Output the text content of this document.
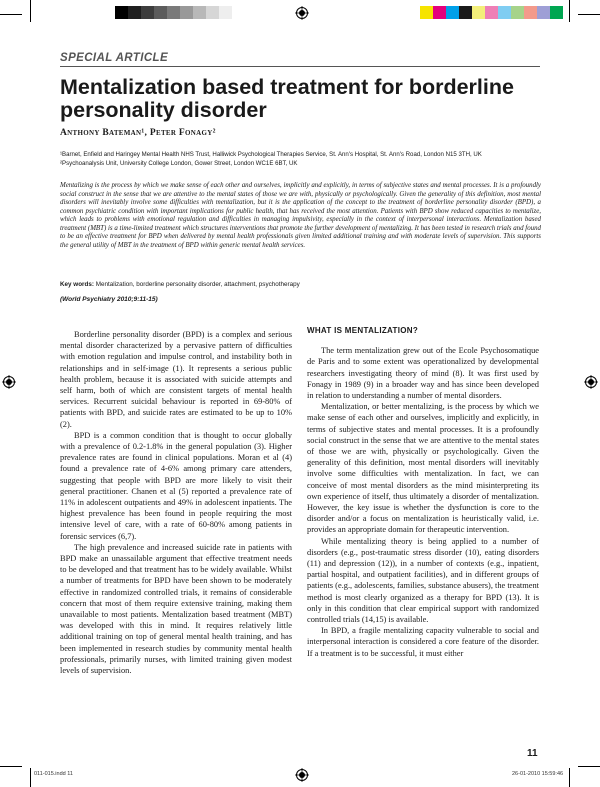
SPECIAL ARTICLE
Mentalization based treatment for borderline personality disorder
Anthony Bateman¹, Peter Fonagy²
¹Barnet, Enfield and Haringey Mental Health NHS Trust, Halliwick Psychological Therapies Service, St. Ann's Hospital, St. Ann's Road, London N15 3TH, UK
²Psychoanalysis Unit, University College London, Gower Street, London WC1E 6BT, UK
Mentalizing is the process by which we make sense of each other and ourselves, implicitly and explicitly, in terms of subjective states and mental processes. It is a profoundly social construct in the sense that we are attentive to the mental states of those we are with, physically or psychologically. Given the generality of this definition, most mental disorders will inevitably involve some difficulties with mentalization, but it is the application of the concept to the treatment of borderline personality disorder (BPD), a common psychiatric condition with important implications for public health, that has received the most attention. Patients with BPD show reduced capacities to mentalize, which leads to problems with emotional regulation and difficulties in managing impulsivity, especially in the context of interpersonal interactions. Mentalization based treatment (MBT) is a time-limited treatment which structures interventions that promote the further development of mentalizing. It has been tested in research trials and found to be an effective treatment for BPD when delivered by mental health professionals given limited additional training and with moderate levels of supervision. This supports the general utility of MBT in the treatment of BPD within generic mental health services.
Key words: Mentalization, borderline personality disorder, attachment, psychotherapy
(World Psychiatry 2010;9:11-15)

Borderline personality disorder (BPD) is a complex and serious mental disorder characterized by a pervasive pattern of difficulties with emotion regulation and impulse control, and instability both in relationships and in self-image (1). It represents a serious public health problem, because it is associated with suicide attempts and self harm, both of which are consistent targets of mental health services. Recurrent suicidal behaviour is reported in 69-80% of patients with BPD, and suicide rates are estimated to be up to 10% (2).

BPD is a common condition that is thought to occur globally with a prevalence of 0.2-1.8% in the general population (3). Higher prevalence rates are found in clinical populations. Moran et al (4) found a prevalence rate of 4-6% among primary care attenders, suggesting that people with BPD are more likely to visit their general practitioner. Chanen et al (5) reported a prevalence rate of 11% in adolescent outpatients and 49% in adolescent inpatients. The highest prevalence has been found in people requiring the most intensive level of care, with a rate of 60-80% among patients in forensic services (6,7).

The high prevalence and increased suicide rate in patients with BPD make an unassailable argument that effective treatment needs to be developed and that treatment has to be widely available. Whilst a number of treatments for BPD have been shown to be moderately effective in randomized controlled trials, it remains of considerable concern that most of them require extensive training, making them unavailable to most patients. Mentalization based treatment (MBT) was developed with this in mind. It requires relatively little additional training on top of general mental health training, and has been implemented in research studies by community mental health professionals, primarily nurses, with limited training given modest levels of supervision.

WHAT IS MENTALIZATION?

The term mentalization grew out of the Ecole Psychosomatique de Paris and to some extent was operationalized by developmental researchers investigating theory of mind (8). It was first used by Fonagy in 1989 (9) in a broader way and has since been developed in relation to understanding a number of mental disorders.

Mentalization, or better mentalizing, is the process by which we make sense of each other and ourselves, implicitly and explicitly, in terms of subjective states and mental processes. It is a profoundly social construct in the sense that we are attentive to the mental states of those we are with, physically or psychologically. Given the generality of this definition, most mental disorders will inevitably involve some difficulties with mentalization. In fact, we can conceive of most mental disorders as the mind misinterpreting its own experience of itself, thus ultimately a disorder of mentalization. However, the key issue is whether the dysfunction is core to the disorder and/or a focus on mentalization is heuristically valid, i.e. provides an appropriate domain for therapeutic intervention.

While mentalizing theory is being applied to a number of disorders (e.g., post-traumatic stress disorder (10), eating disorders (11) and depression (12)), in a number of contexts (e.g., inpatient, partial hospital, and outpatient facilities), and in different groups of patients (e.g., adolescents, families, substance abusers), the treatment method is most clearly organized as a therapy for BPD (13). It is only in this condition that clear empirical support with randomized controlled trials (14,15) is available.

In BPD, a fragile mentalizing capacity vulnerable to social and interpersonal interaction is considered a core feature of the disorder. If a treatment is to be successful, it must either

11
011-015.indd 11	26-01-2010 15:59:46
